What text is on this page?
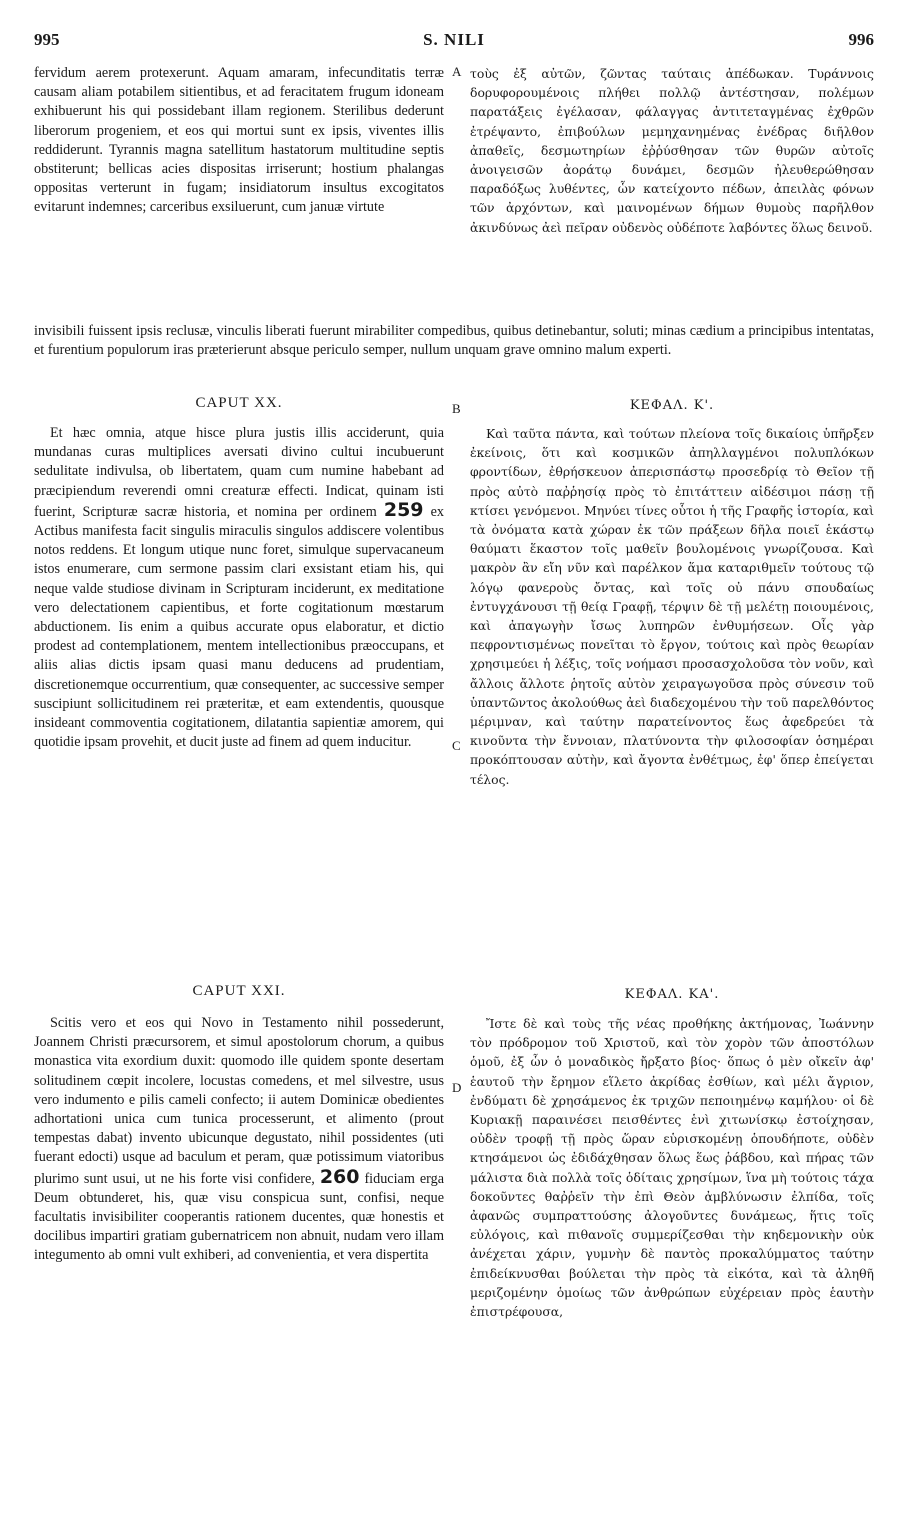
995	S. NILI	996
A
B
C
D

fervidum aerem protexerunt. Aquam amaram, infecunditatis terræ causam aliam potabilem sitientibus, et ad feracitatem frugum idoneam exhibuerunt his qui possidebant illam regionem. Sterilibus dederunt liberorum progeniem, et eos qui mortui sunt ex ipsis, viventes illis reddiderunt. Tyrannis magna satellitum hastatorum multitudine septis obstiterunt; bellicas acies dispositas irriserunt; hostium phalangas oppositas verterunt in fugam; insidiatorum insultus excogitatos evitarunt indemnes; carceribus exsiluerunt, cum januæ virtute

τοὺς ἐξ αὐτῶν, ζῶντας ταύταις ἀπέδωκαν. Τυράννοις δορυφορουμένοις πλήθει πολλῷ ἀντέστησαν, πολέμων παρατάξεις ἐγέλασαν, φάλαγγας ἀντιτεταγμένας ἐχθρῶν ἐτρέψαντο, ἐπιβούλων μεμηχανημένας ἐνέδρας διῆλθον ἀπαθεῖς, δεσμωτηρίων ἐῤῥύσθησαν τῶν θυρῶν αὐτοῖς ἀνοιγεισῶν ἀοράτῳ δυνάμει, δεσμῶν ἠλευθερώθησαν παραδόξως λυθέντες, ὧν κατείχοντο πέδων, ἀπειλὰς φόνων τῶν ἀρχόντων, καὶ μαινομένων δήμων θυμοὺς παρῆλθον ἀκινδύνως ἀεὶ πεῖραν οὐδενὸς οὐδέποτε λαβόντες ὅλως δεινοῦ.

invisibili fuissent ipsis reclusæ, vinculis liberati fuerunt mirabiliter compedibus, quibus detinebantur, soluti; minas cædium a principibus intentatas, et furentium populorum iras præterierunt absque periculo semper, nullum unquam grave omnino malum experti.
CAPUT XX.	ΚΕΦΑΛ. Κ'.

Et hæc omnia, atque hisce plura justis illis acciderunt, quia mundanas curas multiplices aversati divino cultui incubuerunt sedulitate indivulsa, ob libertatem, quam cum numine habebant ad præcipiendum reverendi omni creaturæ effecti. Indicat, quinam isti fuerint, Scripturæ sacræ historia, et nomina per ordinem 259 ex Actibus manifesta facit singulis miraculis singulos addiscere volentibus notos reddens. Et longum utique nunc foret, simulque supervacaneum istos enumerare, cum sermone passim clari exsistant etiam his, qui neque valde studiose divinam in Scripturam inciderunt, ex meditatione vero delectationem capientibus, et forte cogitationum mœstarum abductionem. Iis enim a quibus accurate opus elaboratur, et dictio prodest ad contemplationem, mentem intellectionibus præoccupans, et aliis alias dictis ipsam quasi manu deducens ad prudentiam, discretionemque occurrentium, quæ consequenter, ac successive semper suscipiunt sollicitudinem rei præteritæ, et eam extendentis, quousque insideant commoventia cogitationem, dilatantia sapientiæ amorem, qui quotidie ipsam provehit, et ducit juste ad finem ad quem inducitur.

Καὶ ταῦτα πάντα, καὶ τούτων πλείονα τοῖς δικαίοις ὑπῆρξεν ἐκείνοις, ὅτι καὶ κοσμικῶν ἀπηλλαγμένοι πολυπλόκων φροντίδων, ἐθρήσκευον ἀπερισπάστῳ προσεδρίᾳ τὸ Θεῖον τῇ πρὸς αὐτὸ παῤῥησίᾳ πρὸς τὸ ἐπιτάττειν αἰδέσιμοι πάσῃ τῇ κτίσει γενόμενοι. Μηνύει τίνες οὗτοι ἡ τῆς Γραφῆς ἱστορία, καὶ τὰ ὀνόματα κατὰ χώραν ἐκ τῶν πράξεων δῆλα ποιεῖ ἑκάστῳ θαύματι ἕκαστον τοῖς μαθεῖν βουλομένοις γνωρίζουσα. Καὶ μακρὸν ἂν εἴη νῦν καὶ παρέλκον ἅμα καταριθμεῖν τούτους τῷ λόγῳ φανεροὺς ὄντας, καὶ τοῖς οὐ πάνυ σπουδαίως ἐντυγχάνουσι τῇ θείᾳ Γραφῇ, τέρψιν δὲ τῇ μελέτῃ ποιουμένοις, καὶ ἀπαγωγὴν ἴσως λυπηρῶν ἐνθυμήσεων. Οἷς γὰρ πεφροντισμένως πονεῖται τὸ ἔργον, τούτοις καὶ πρὸς θεωρίαν χρησιμεύει ἡ λέξις, τοῖς νοήμασι προσασχολοῦσα τὸν νοῦν, καὶ ἄλλοις ἄλλοτε ῥητοῖς αὐτὸν χειραγωγοῦσα πρὸς σύνεσιν τοῦ ὑπαντῶντος ἀκολούθως ἀεὶ διαδεχομένου τὴν τοῦ παρελθόντος μέριμναν, καὶ ταύτην παρατείνοντος ἕως ἀφεδρεύει τὰ κινοῦντα τὴν ἔννοιαν, πλατύνοντα τὴν φιλοσοφίαν ὁσημέραι προκόπτουσαν αὐτὴν, καὶ ἄγοντα ἐνθέτμως, ἐφ' ὅπερ ἐπείγεται τέλος.

CAPUT XXI.	ΚΕΦΑΛ. ΚΑ'.

Scitis vero et eos qui Novo in Testamento nihil possederunt, Joannem Christi præcursorem, et simul apostolorum chorum, a quibus monastica vita exordium duxit: quomodo ille quidem sponte desertam solitudinem cœpit incolere, locustas comedens, et mel silvestre, usus vero indumento e pilis cameli confecto; ii autem Dominicæ obedientes adhortationi unica cum tunica processerunt, et alimento (prout tempestas dabat) invento ubicunque degustato, nihil possidentes (uti fuerant edocti) usque ad baculum et peram, quæ potissimum viatoribus plurimo sunt usui, ut ne his forte visi confidere, 260 fiduciam erga Deum obtunderet, his, quæ visu conspicua sunt, confisi, neque facultatis invisibiliter cooperantis rationem ducentes, quæ honestis et docilibus impartiri gratiam gubernatricem non abnuit, nudam vero illam integumento ab omni vult exhiberi, ad convenientia, et vera dispertita

Ἴστε δὲ καὶ τοὺς τῆς νέας προθήκης ἀκτήμονας, Ἰωάννην τὸν πρόδρομον τοῦ Χριστοῦ, καὶ τὸν χορὸν τῶν ἀποστόλων ὁμοῦ, ἐξ ὧν ὁ μοναδικὸς ἤρξατο βίος· ὅπως ὁ μὲν οἴκεῖν ἀφ' ἑαυτοῦ τὴν ἔρημον εἵλετο ἀκρίδας ἐσθίων, καὶ μέλι ἄγριον, ἐνδύματι δὲ χρησάμενος ἐκ τριχῶν πεποιημένῳ καμήλου· οἱ δὲ Κυριακῇ παραινέσει πεισθέντες ἑνὶ χιτωνίσκῳ ἐστοίχησαν, οὐδὲν τροφῇ τῇ πρὸς ὥραν εὑρισκομένῃ ὁπουδήποτε, οὐδὲν κτησάμενοι ὡς ἐδιδάχθησαν ὅλως ἕως ῥάβδου, καὶ πήρας τῶν μάλιστα διὰ πολλὰ τοῖς ὁδίταις χρησίμων, ἵνα μὴ τούτοις τάχα δοκοῦντες θαῤῥεῖν τὴν ἐπὶ Θεὸν ἀμβλύνωσιν ἐλπίδα, τοῖς ἀφανῶς συμπραττούσης ἀλογοῦντες δυνάμεως, ἥτις τοῖς εὐλόγοις, καὶ πιθανοῖς συμμερίζεσθαι τὴν κηδεμονικὴν οὐκ ἀνέχεται χάριν, γυμνὴν δὲ παντὸς προκαλύμματος ταύτην ἐπιδείκνυσθαι βούλεται τὴν πρὸς τὰ εἰκότα, καὶ τὰ ἀληθῆ μεριζομένην ὁμοίως τῶν ἀνθρώπων εὐχέρειαν πρὸς ἑαυτὴν ἐπιστρέφουσα,
